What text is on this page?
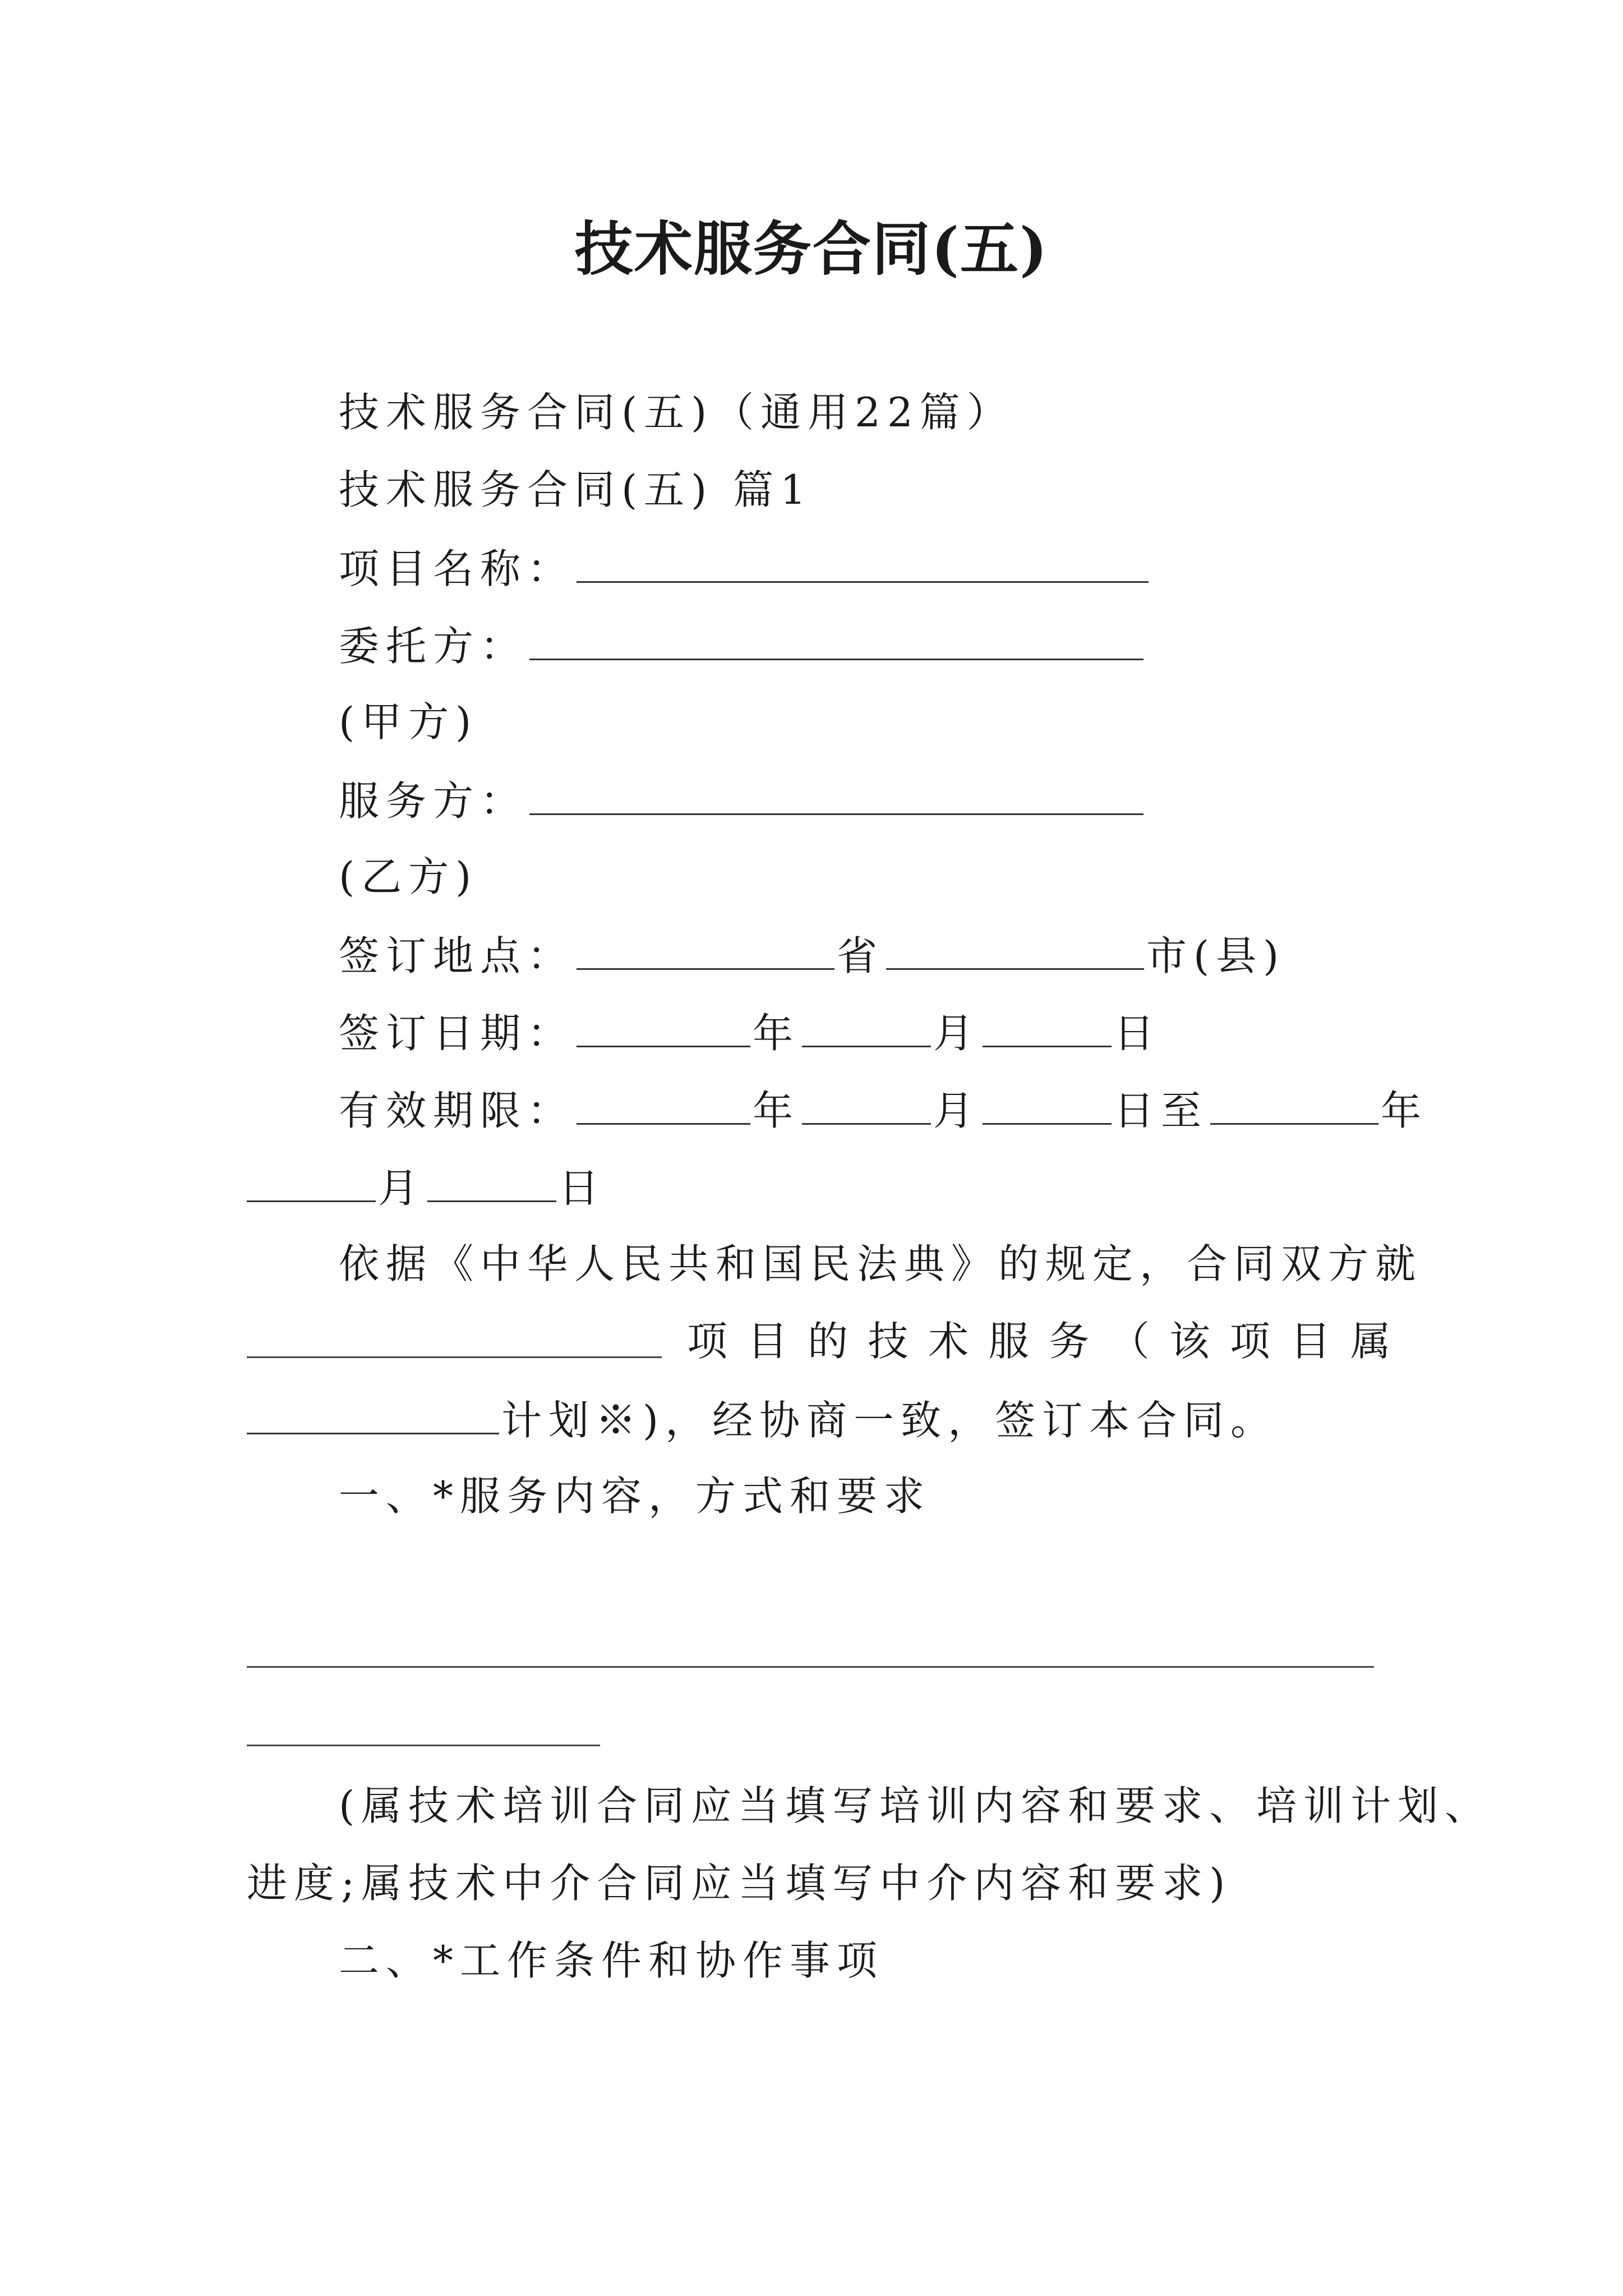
技术服务合同(五)
技术服务合同(五)（通用22篇）
技术服务合同(五) 篇1
项目名称：
委托方：
(甲方)
服务方：
(乙方)
签订地点：	省	市(县)
签订日期：	年	月	日
有效期限：	年	月	日至	年
月	日
依据《中华人民共和国民法典》的规定，合同双方就
项 目 的 技 术 服 务 （ 该 项 目 属
计划※)，经协商一致，签订本合同。
一、*服务内容，方式和要求
(属技术培训合同应当填写培训内容和要求、培训计划、
进度;属技术中介合同应当填写中介内容和要求)
二、*工作条件和协作事项
